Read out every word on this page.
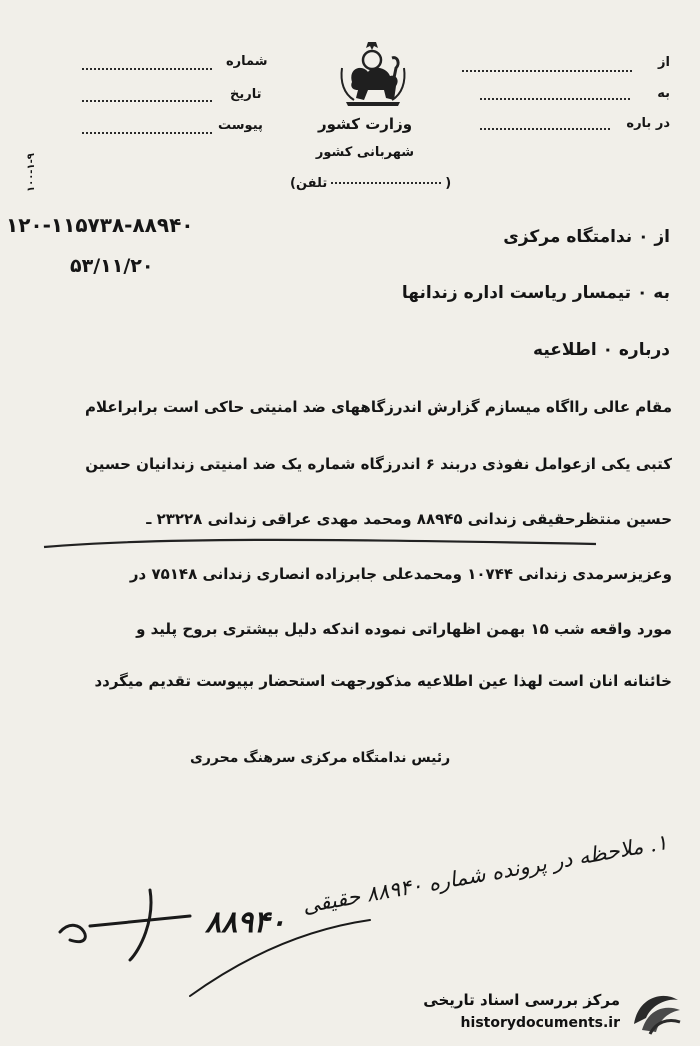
از
به
در باره
وزارت کشور
شهربانی کشور
(تلفن	)
شماره
تاریخ
پیوست
۱۰۰-۱-۹
۱۲۰-۱۱۵۷۳۸-۸۸۹۴۰
۵۳/۱۱/۲۰
از ٠ ندامتگاه مرکزی
به ٠ تیمسار ریاست اداره زندانها
درباره ٠ اطلاعیه
مقام عالی رااگاه میسازم گزارش اندرزگاههای ضد امنیتی حاکی است برابراعلام
کتبی یکی ازعوامل نفوذی دربند ۶ اندرزگاه شماره یک ضد امنیتی زندانیان حسین
حسین منتظرحقیقی زندانی ۸۸۹۴۵ ومحمد مهدی عراقی زندانی ۲۳۲۲۸ ـ
وعزیزسرمدی زندانی ۱۰۷۴۴ ومحمدعلی جابرزاده انصاری زندانی ۷۵۱۴۸ در
مورد واقعه شب ۱۵ بهمن اظهاراتی نموده اندکه دلیل بیشتری بروح پلید و
خائنانه انان است لهذا عین اطلاعیه مذکورجهت استحضار بپیوست تقدیم میگردد
رئیس ندامتگاه مرکزی سرهنگ محرری
۱. ملاحظه در پرونده شماره ۸۸۹۴۰ حقیقی
۸۸۹۴۰
مرکز بررسی اسناد تاریخی
historydocuments.ir
